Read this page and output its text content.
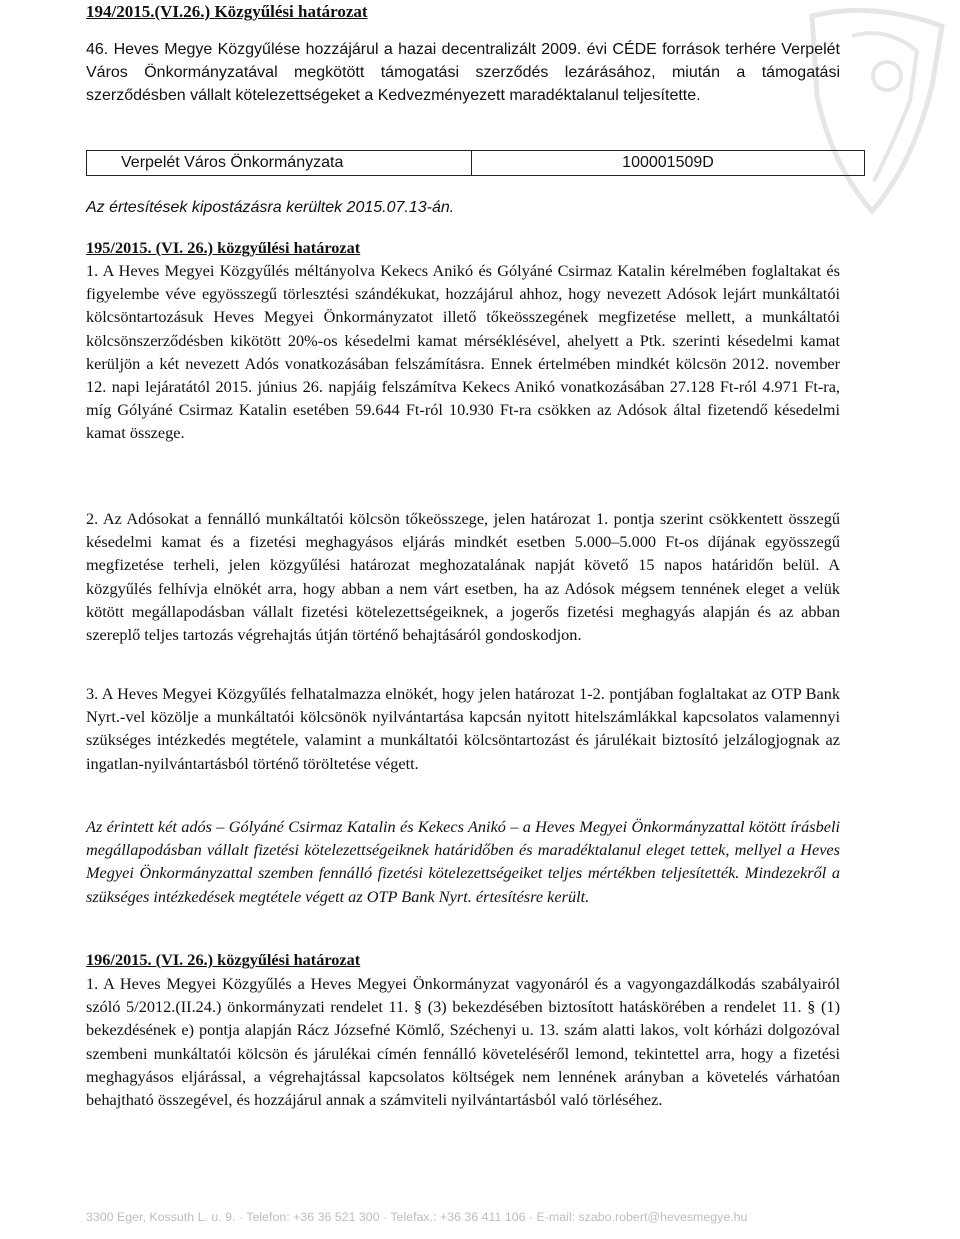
194/2015.(VI.26.) Közgyűlési határozat
46. Heves Megye Közgyűlése hozzájárul a hazai decentralizált 2009. évi CÉDE források terhére Verpelét Város Önkormányzatával megkötött támogatási szerződés lezárásához, miután a támogatási szerződésben vállalt kötelezettségeket a Kedvezményezett maradéktalanul teljesítette.
Verpelét Város Önkormányzata	100001509D
Az értesítések kipostázásra kerültek 2015.07.13-án.
195/2015. (VI. 26.) közgyűlési határozat
1. A Heves Megyei Közgyűlés méltányolva Kekecs Anikó és Gólyáné Csirmaz Katalin kérelmében foglaltakat és figyelembe véve egyösszegű törlesztési szándékukat, hozzájárul ahhoz, hogy nevezett Adósok lejárt munkáltatói kölcsöntartozásuk Heves Megyei Önkormányzatot illető tőkeösszegének megfizetése mellett, a munkáltatói kölcsönszerződésben kikötött 20%-os késedelmi kamat mérséklésével, ahelyett a Ptk. szerinti késedelmi kamat kerüljön a két nevezett Adós vonatkozásában felszámításra. Ennek értelmében mindkét kölcsön 2012. november 12. napi lejáratától 2015. június 26. napjáig felszámítva Kekecs Anikó vonatkozásában 27.128 Ft-ról 4.971 Ft-ra, míg Gólyáné Csirmaz Katalin esetében 59.644 Ft-ról 10.930 Ft-ra csökken az Adósok által fizetendő késedelmi kamat összege.
2. Az Adósokat a fennálló munkáltatói kölcsön tőkeösszege, jelen határozat 1. pontja szerint csökkentett összegű késedelmi kamat és a fizetési meghagyásos eljárás mindkét esetben 5.000–5.000 Ft-os díjának egyösszegű megfizetése terheli, jelen közgyűlési határozat meghozatalának napját követő 15 napos határidőn belül. A közgyűlés felhívja elnökét arra, hogy abban a nem várt esetben, ha az Adósok mégsem tennének eleget a velük kötött megállapodásban vállalt fizetési kötelezettségeiknek, a jogerős fizetési meghagyás alapján és az abban szereplő teljes tartozás végrehajtás útján történő behajtásáról gondoskodjon.
3. A Heves Megyei Közgyűlés felhatalmazza elnökét, hogy jelen határozat 1-2. pontjában foglaltakat az OTP Bank Nyrt.-vel közölje a munkáltatói kölcsönök nyilvántartása kapcsán nyitott hitelszámlákkal kapcsolatos valamennyi szükséges intézkedés megtétele, valamint a munkáltatói kölcsöntartozást és járulékait biztosító jelzálogjognak az ingatlan-nyilvántartásból történő töröltetése végett.
Az érintett két adós – Gólyáné Csirmaz Katalin és Kekecs Anikó – a Heves Megyei Önkormányzattal kötött írásbeli megállapodásban vállalt fizetési kötelezettségeiknek határidőben és maradéktalanul eleget tettek, mellyel a Heves Megyei Önkormányzattal szemben fennálló fizetési kötelezettségeiket teljes mértékben teljesítették. Mindezekről a szükséges intézkedések megtétele végett az OTP Bank Nyrt. értesítésre került.
196/2015. (VI. 26.) közgyűlési határozat
1. A Heves Megyei Közgyűlés a Heves Megyei Önkormányzat vagyonáról és a vagyongazdálkodás szabályairól szóló 5/2012.(II.24.) önkormányzati rendelet 11. § (3) bekezdésében biztosított hatáskörében a rendelet 11. § (1) bekezdésének e) pontja alapján Rácz Józsefné Kömlő, Széchenyi u. 13. szám alatti lakos, volt kórházi dolgozóval szembeni munkáltatói kölcsön és járulékai címén fennálló követeléséről lemond, tekintettel arra, hogy a fizetési meghagyásos eljárással, a végrehajtással kapcsolatos költségek nem lennének arányban a követelés várhatóan behajtható összegével, és hozzájárul annak a számviteli nyilvántartásból való törléséhez.
3300 Eger, Kossuth L. u. 9. · Telefon: +36 36 521 300 · Telefax.: +36 36 411 106 · E-mail: szabo.robert@hevesmegye.hu
